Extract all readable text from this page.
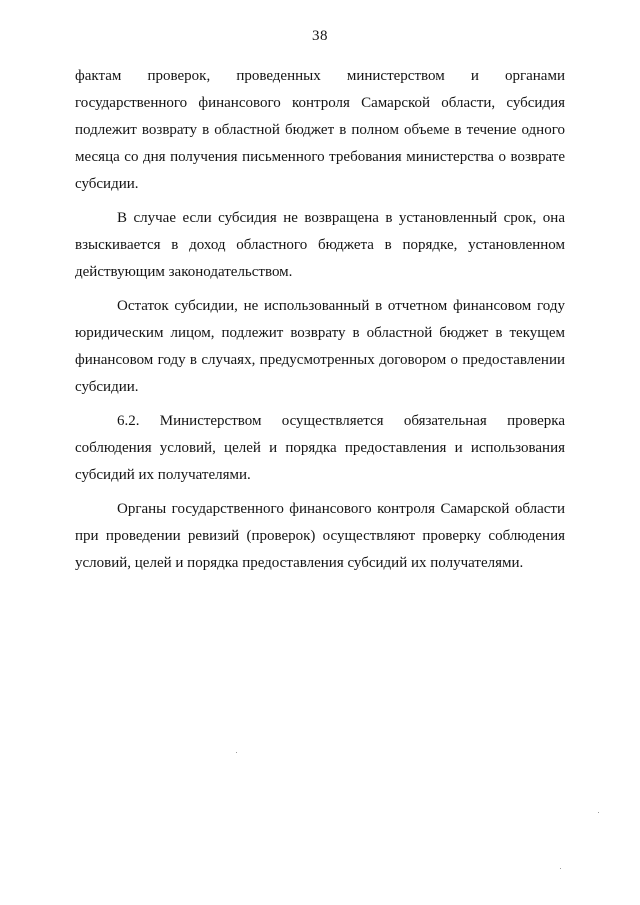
38

фактам проверок, проведенных министерством и органами государственного финансового контроля Самарской области, субсидия подлежит возврату в областной бюджет в полном объеме в течение одного месяца со дня получения письменного требования министерства о возврате субсидии.

В случае если субсидия не возвращена в установленный срок, она взыскивается в доход областного бюджета в порядке, установленном действующим законодательством.

Остаток субсидии, не использованный в отчетном финансовом году юридическим лицом, подлежит возврату в областной бюджет в текущем финансовом году в случаях, предусмотренных договором о предоставлении субсидии.

6.2. Министерством осуществляется обязательная проверка соблюдения условий, целей и порядка предоставления и использования субсидий их получателями.

Органы государственного финансового контроля Самарской области при проведении ревизий (проверок) осуществляют проверку соблюдения условий, целей и порядка предоставления субсидий их получателями.
